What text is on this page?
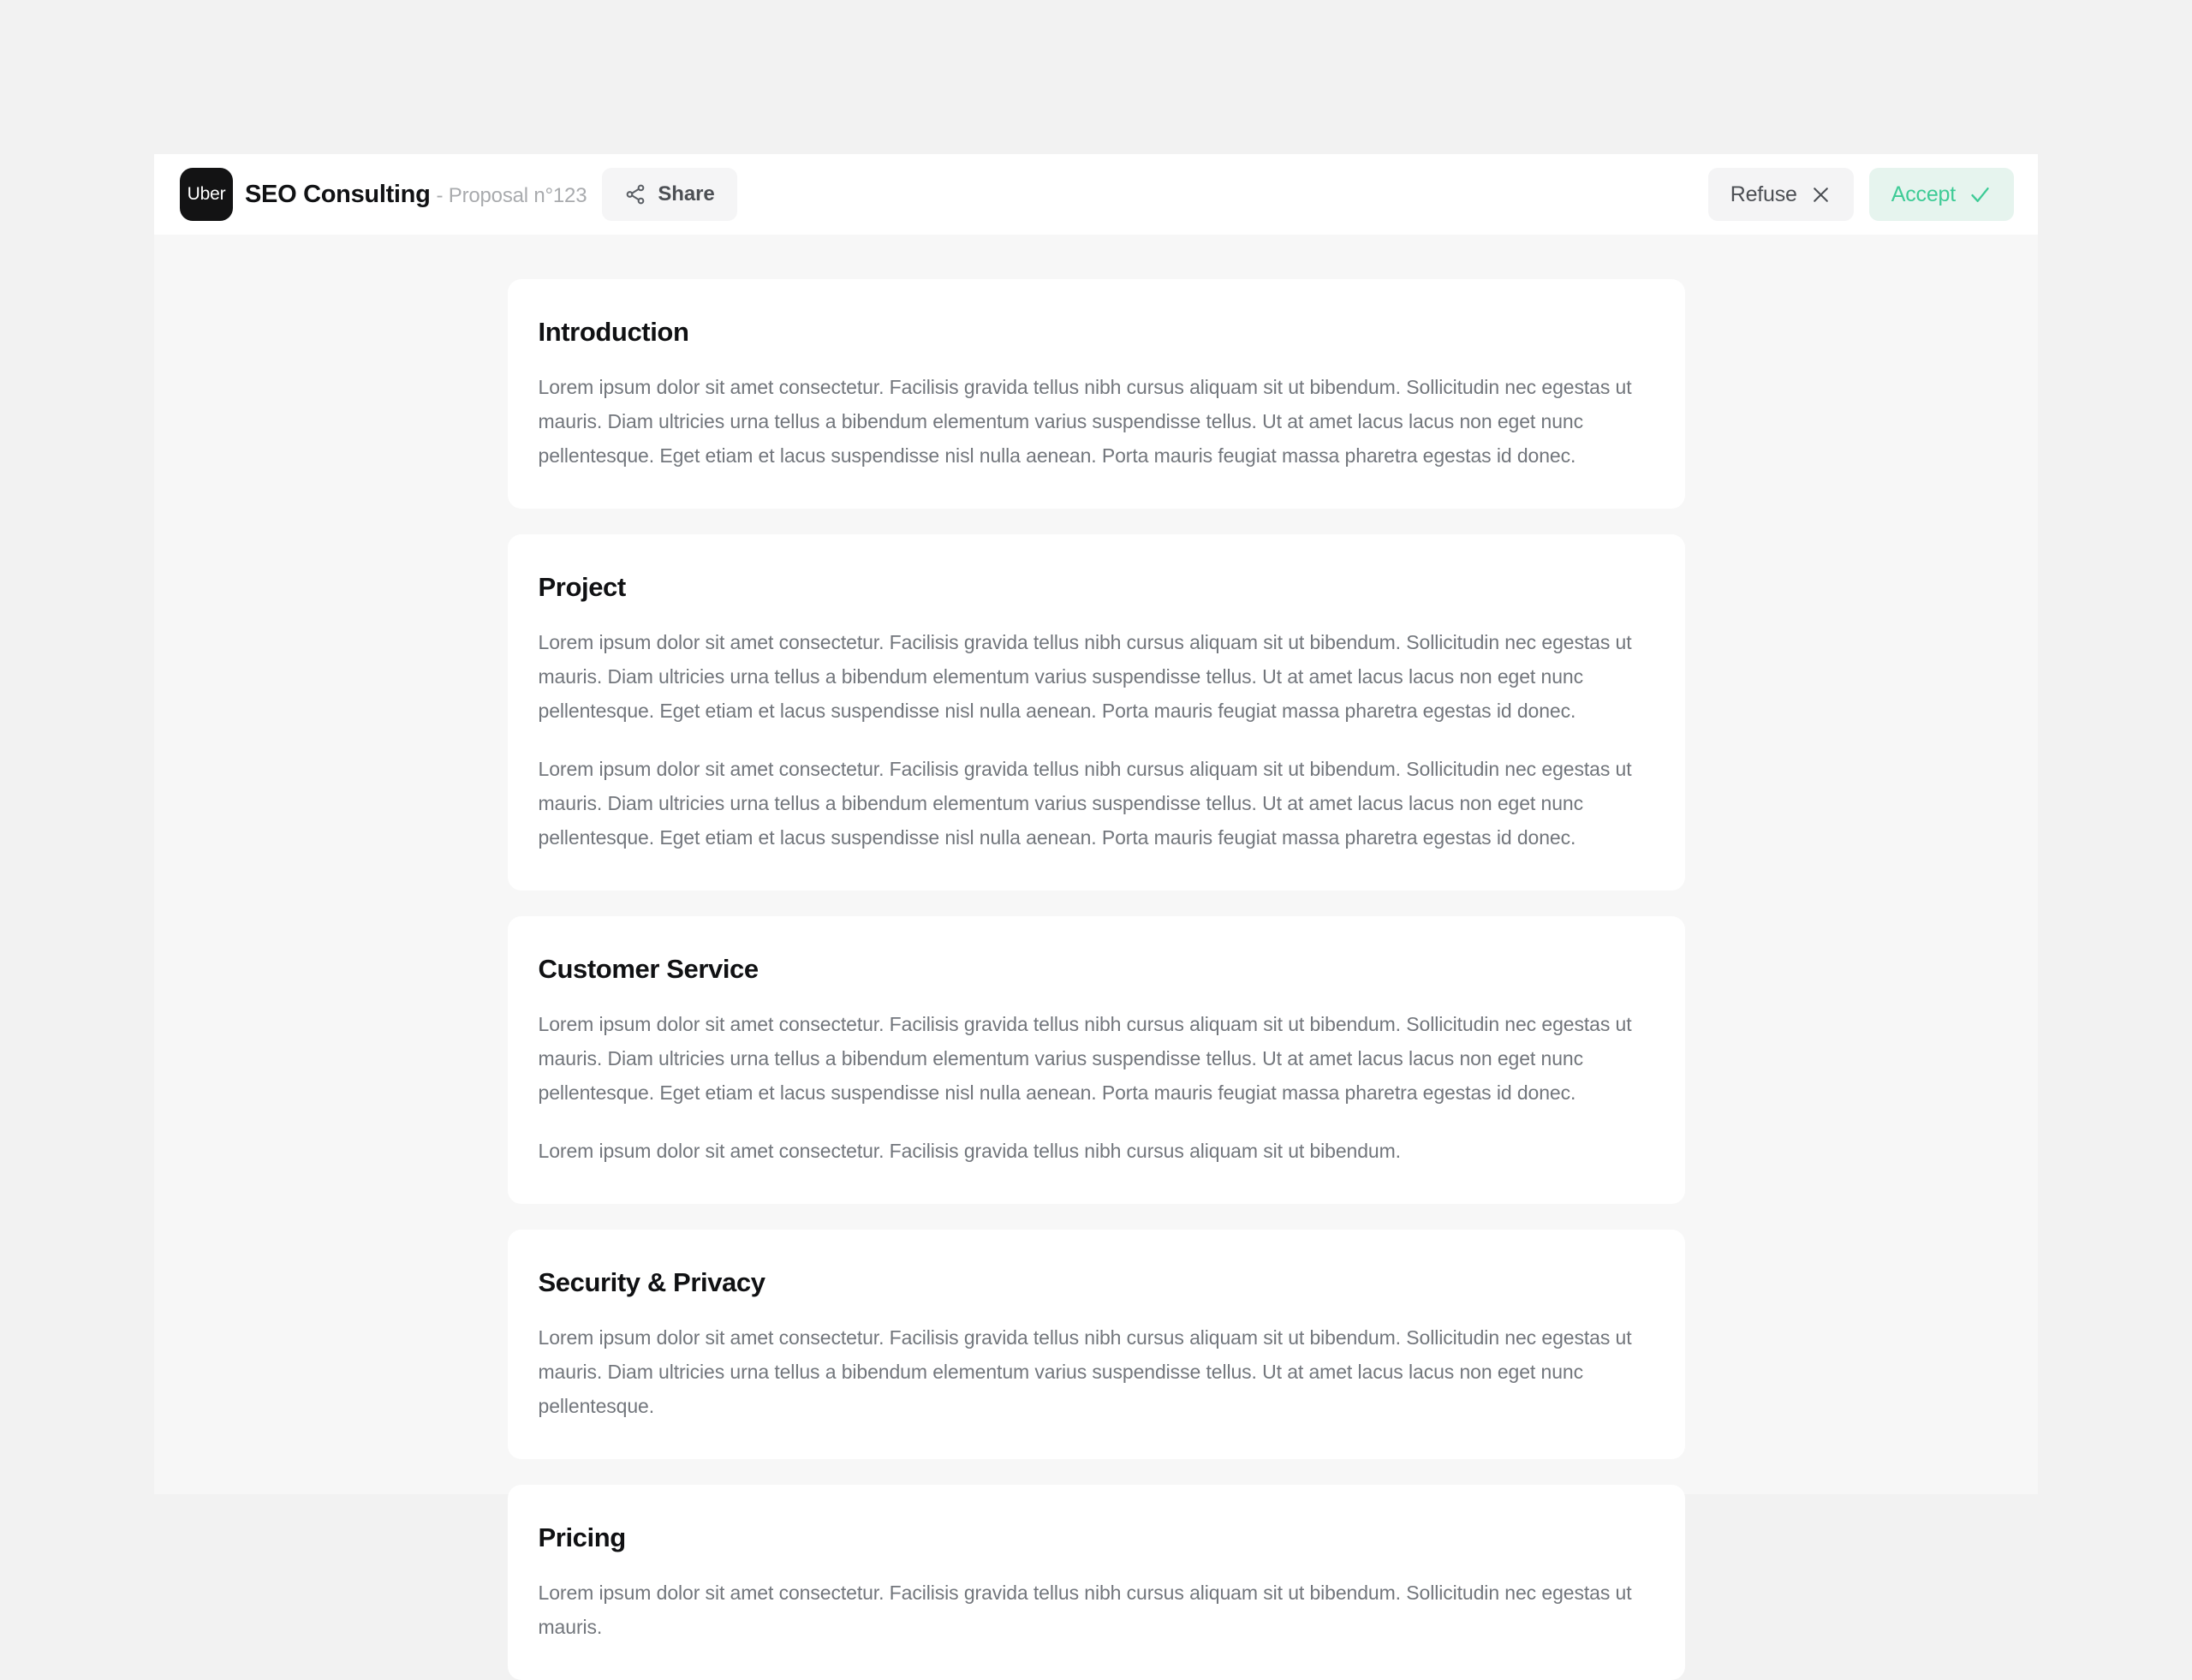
Uber SEO Consulting - Proposal n°123	Share	Refuse	Accept
Introduction

Lorem ipsum dolor sit amet consectetur. Facilisis gravida tellus nibh cursus aliquam sit ut bibendum. Sollicitudin nec egestas ut mauris. Diam ultricies urna tellus a bibendum elementum varius suspendisse tellus. Ut at amet lacus lacus non eget nunc pellentesque. Eget etiam et lacus suspendisse nisl nulla aenean. Porta mauris feugiat massa pharetra egestas id donec.

Project

Lorem ipsum dolor sit amet consectetur. Facilisis gravida tellus nibh cursus aliquam sit ut bibendum. Sollicitudin nec egestas ut mauris. Diam ultricies urna tellus a bibendum elementum varius suspendisse tellus. Ut at amet lacus lacus non eget nunc pellentesque. Eget etiam et lacus suspendisse nisl nulla aenean. Porta mauris feugiat massa pharetra egestas id donec.

Lorem ipsum dolor sit amet consectetur. Facilisis gravida tellus nibh cursus aliquam sit ut bibendum. Sollicitudin nec egestas ut mauris. Diam ultricies urna tellus a bibendum elementum varius suspendisse tellus. Ut at amet lacus lacus non eget nunc pellentesque. Eget etiam et lacus suspendisse nisl nulla aenean. Porta mauris feugiat massa pharetra egestas id donec.

Customer Service

Lorem ipsum dolor sit amet consectetur. Facilisis gravida tellus nibh cursus aliquam sit ut bibendum. Sollicitudin nec egestas ut mauris. Diam ultricies urna tellus a bibendum elementum varius suspendisse tellus. Ut at amet lacus lacus non eget nunc pellentesque. Eget etiam et lacus suspendisse nisl nulla aenean. Porta mauris feugiat massa pharetra egestas id donec.

Lorem ipsum dolor sit amet consectetur. Facilisis gravida tellus nibh cursus aliquam sit ut bibendum.

Security & Privacy

Lorem ipsum dolor sit amet consectetur. Facilisis gravida tellus nibh cursus aliquam sit ut bibendum. Sollicitudin nec egestas ut mauris. Diam ultricies urna tellus a bibendum elementum varius suspendisse tellus. Ut at amet lacus lacus non eget nunc pellentesque.

Pricing

Lorem ipsum dolor sit amet consectetur. Facilisis gravida tellus nibh cursus aliquam sit ut bibendum. Sollicitudin nec egestas ut mauris.
